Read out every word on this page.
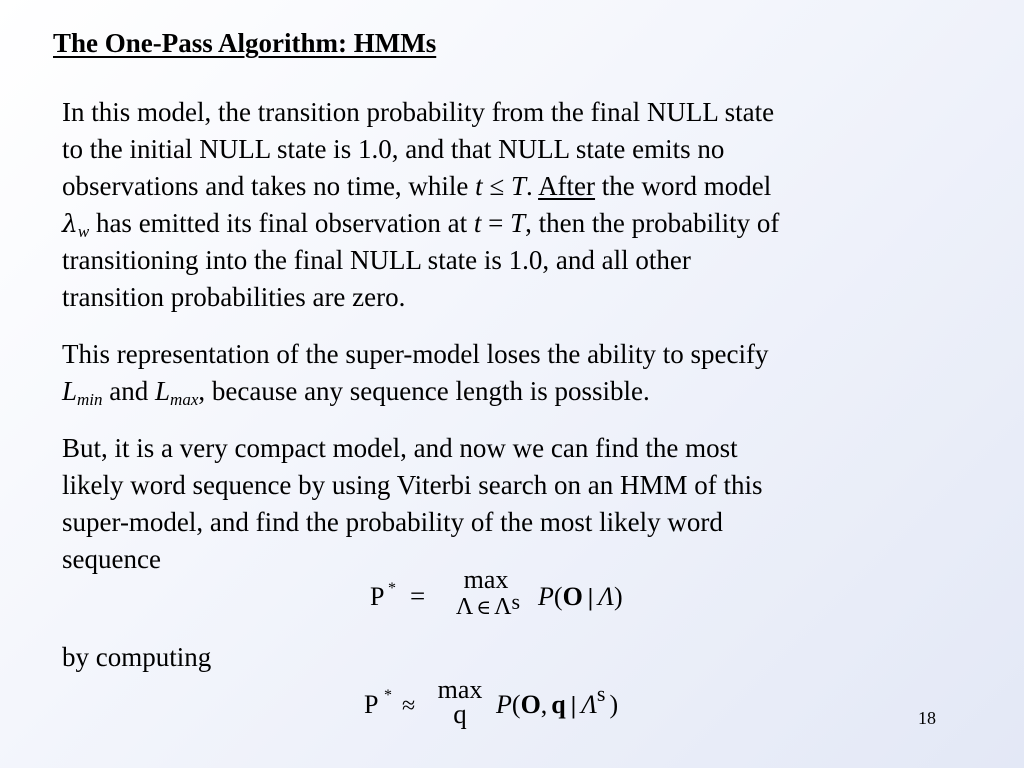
The One-Pass Algorithm: HMMs

In this model, the transition probability from the final NULL state
to the initial NULL state is 1.0, and that NULL state emits no
observations and takes no time, while t ≤ T. After the word model
$\lambda_w$ has emitted its final observation at t = T, then the probability of
transitioning into the final NULL state is 1.0, and all other
transition probabilities are zero.

This representation of the super-model loses the ability to specify
$L_{min}$ and $L_{max}$, because any sequence length is possible.

But, it is a very compact model, and now we can find the most
likely word sequence by using Viterbi search on an HMM of this
super-model, and find the probability of the most likely word
sequence

P * =
max
Λ ∈ Λs P(O | Λ)
by computing
P * ≈
max
q	P(O, q | $\Lambda^s$ )	18
